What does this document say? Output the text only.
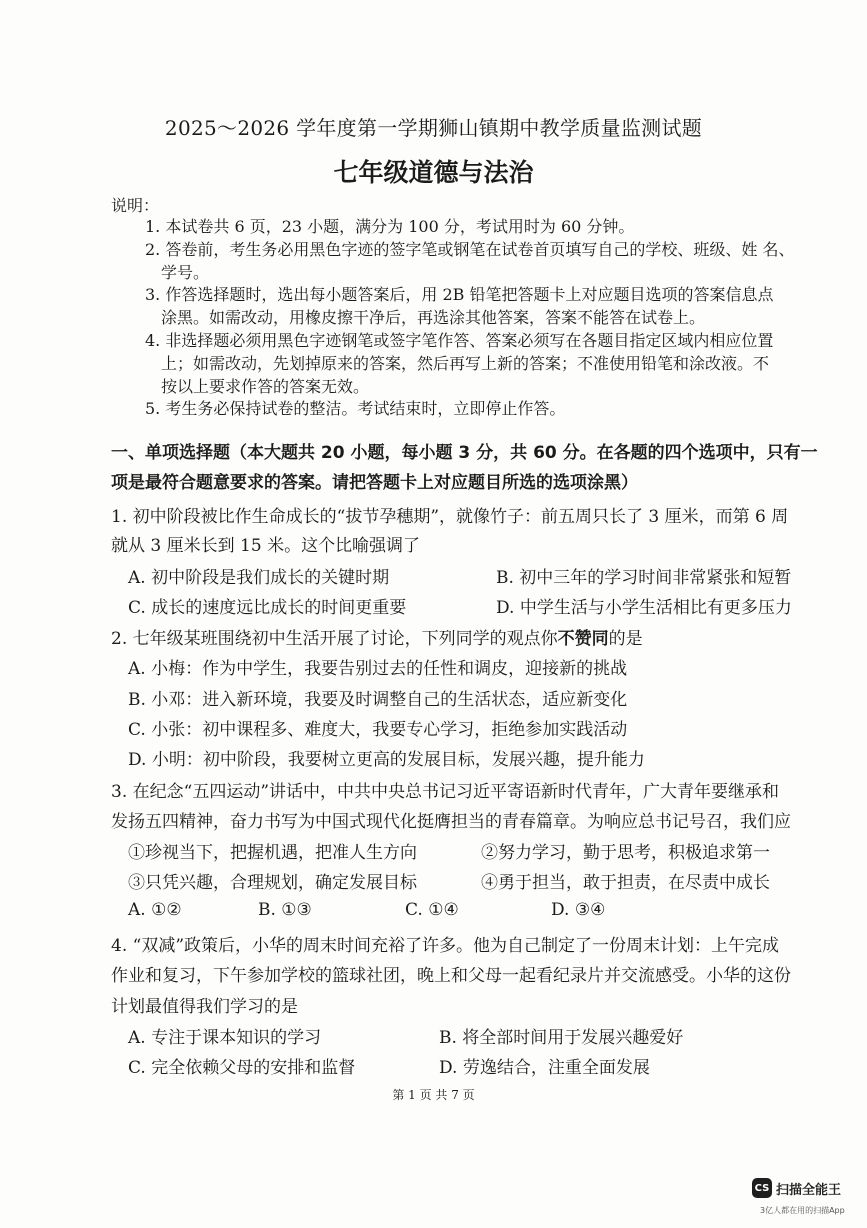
2025～2026 学年度第一学期狮山镇期中教学质量监测试题
七年级道德与法治
说明：
1. 本试卷共 6 页，23 小题，满分为 100 分，考试用时为 60 分钟。
2. 答卷前，考生务必用黑色字迹的签字笔或钢笔在试卷首页填写自己的学校、班级、姓 名、
学号。
3. 作答选择题时，选出每小题答案后，用 2B 铅笔把答题卡上对应题目选项的答案信息点
涂黑。如需改动，用橡皮擦干净后，再选涂其他答案，答案不能答在试卷上。
4. 非选择题必须用黑色字迹钢笔或签字笔作答、答案必须写在各题目指定区域内相应位置
上；如需改动，先划掉原来的答案，然后再写上新的答案；不准使用铅笔和涂改液。不
按以上要求作答的答案无效。
5. 考生务必保持试卷的整洁。考试结束时，立即停止作答。
一、单项选择题（本大题共 20 小题，每小题 3 分，共 60 分。在各题的四个选项中，只有一
项是最符合题意要求的答案。请把答题卡上对应题目所选的选项涂黑）
1. 初中阶段被比作生命成长的“拔节孕穗期”，就像竹子：前五周只长了 3 厘米，而第 6 周
就从 3 厘米长到 15 米。这个比喻强调了
A. 初中阶段是我们成长的关键时期	B. 初中三年的学习时间非常紧张和短暂
C. 成长的速度远比成长的时间更重要	D. 中学生活与小学生活相比有更多压力
2. 七年级某班围绕初中生活开展了讨论，下列同学的观点你不赞同的是
A. 小梅：作为中学生，我要告别过去的任性和调皮，迎接新的挑战
B. 小邓：进入新环境，我要及时调整自己的生活状态，适应新变化
C. 小张：初中课程多、难度大，我要专心学习，拒绝参加实践活动
D. 小明：初中阶段，我要树立更高的发展目标，发展兴趣，提升能力
3. 在纪念“五四运动”讲话中，中共中央总书记习近平寄语新时代青年，广大青年要继承和
发扬五四精神，奋力书写为中国式现代化挺膺担当的青春篇章。为响应总书记号召，我们应
①珍视当下，把握机遇，把准人生方向	②努力学习，勤于思考，积极追求第一
③只凭兴趣，合理规划，确定发展目标	④勇于担当，敢于担责，在尽责中成长
A. ①②	B. ①③	C. ①④	D. ③④
4. “双减”政策后，小华的周末时间充裕了许多。他为自己制定了一份周末计划：上午完成
作业和复习，下午参加学校的篮球社团，晚上和父母一起看纪录片并交流感受。小华的这份
计划最值得我们学习的是
A. 专注于课本知识的学习	B. 将全部时间用于发展兴趣爱好
C. 完全依赖父母的安排和监督	D. 劳逸结合，注重全面发展
第 1 页 共 7 页
CS 扫描全能王
3亿人都在用的扫描App
